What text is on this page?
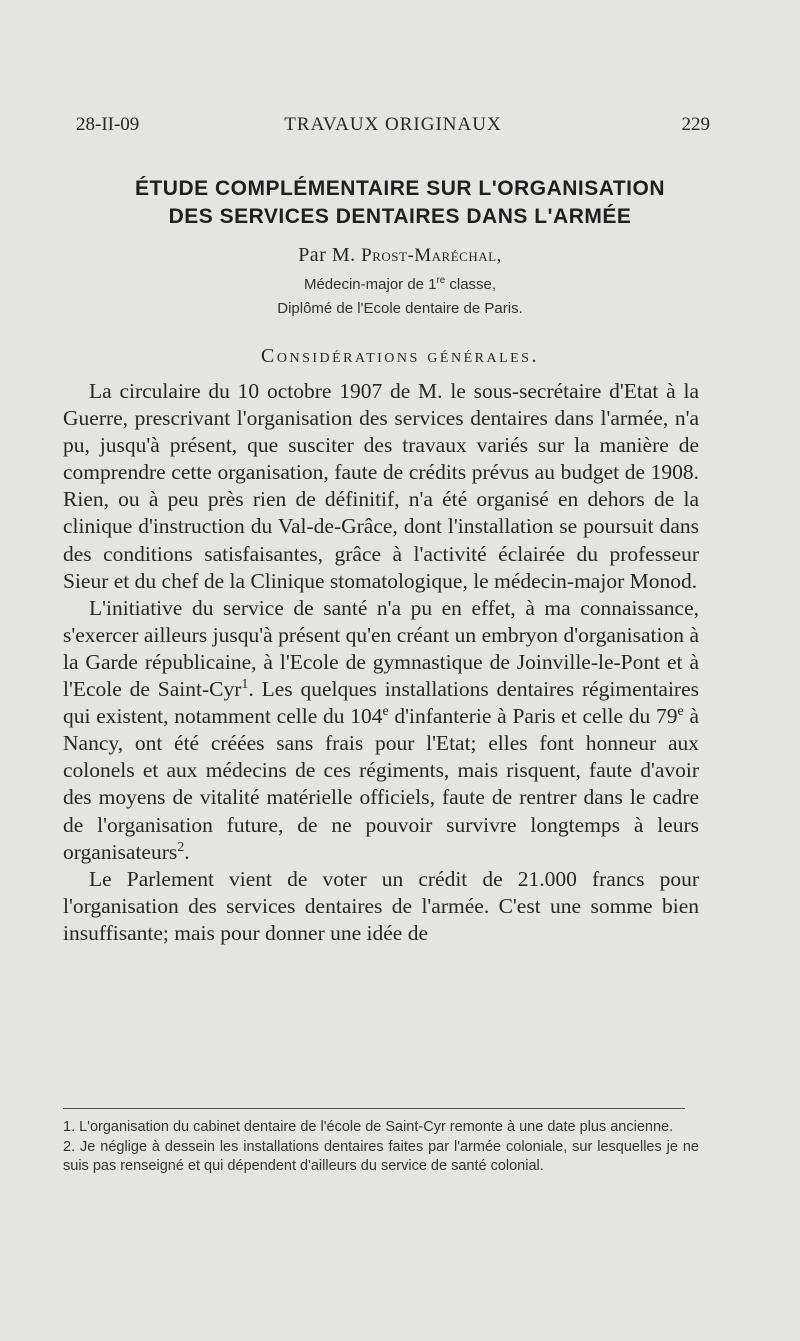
28-II-09	TRAVAUX ORIGINAUX	229
ÉTUDE COMPLÉMENTAIRE SUR L'ORGANISATION
DES SERVICES DENTAIRES DANS L'ARMÉE
Par M. Prost-Maréchal,
Médecin-major de 1re classe,
Diplômé de l'Ecole dentaire de Paris.
Considérations générales.

La circulaire du 10 octobre 1907 de M. le sous-secrétaire d'Etat à la Guerre, prescrivant l'organisation des services dentaires dans l'armée, n'a pu, jusqu'à présent, que susciter des travaux variés sur la manière de comprendre cette organisation, faute de crédits prévus au budget de 1908. Rien, ou à peu près rien de définitif, n'a été organisé en dehors de la clinique d'instruction du Val-de-Grâce, dont l'installation se poursuit dans des conditions satisfaisantes, grâce à l'activité éclairée du professeur Sieur et du chef de la Clinique stomatologique, le médecin-major Monod.

L'initiative du service de santé n'a pu en effet, à ma connaissance, s'exercer ailleurs jusqu'à présent qu'en créant un embryon d'organisation à la Garde républicaine, à l'Ecole de gymnastique de Joinville-le-Pont et à l'Ecole de Saint-Cyr$^1$. Les quelques installations dentaires régimentaires qui existent, notamment celle du 104e d'infanterie à Paris et celle du 79e à Nancy, ont été créées sans frais pour l'Etat; elles font honneur aux colonels et aux médecins de ces régiments, mais risquent, faute d'avoir des moyens de vitalité matérielle officiels, faute de rentrer dans le cadre de l'organisation future, de ne pouvoir survivre longtemps à leurs organisateurs$^2$.

Le Parlement vient de voter un crédit de 21.000 francs pour l'organisation des services dentaires de l'armée. C'est une somme bien insuffisante; mais pour donner une idée de

1. L'organisation du cabinet dentaire de l'école de Saint-Cyr remonte à une date plus ancienne.

2. Je néglige à dessein les installations dentaires faites par l'armée coloniale, sur lesquelles je ne suis pas renseigné et qui dépendent d'ailleurs du service de santé colonial.
